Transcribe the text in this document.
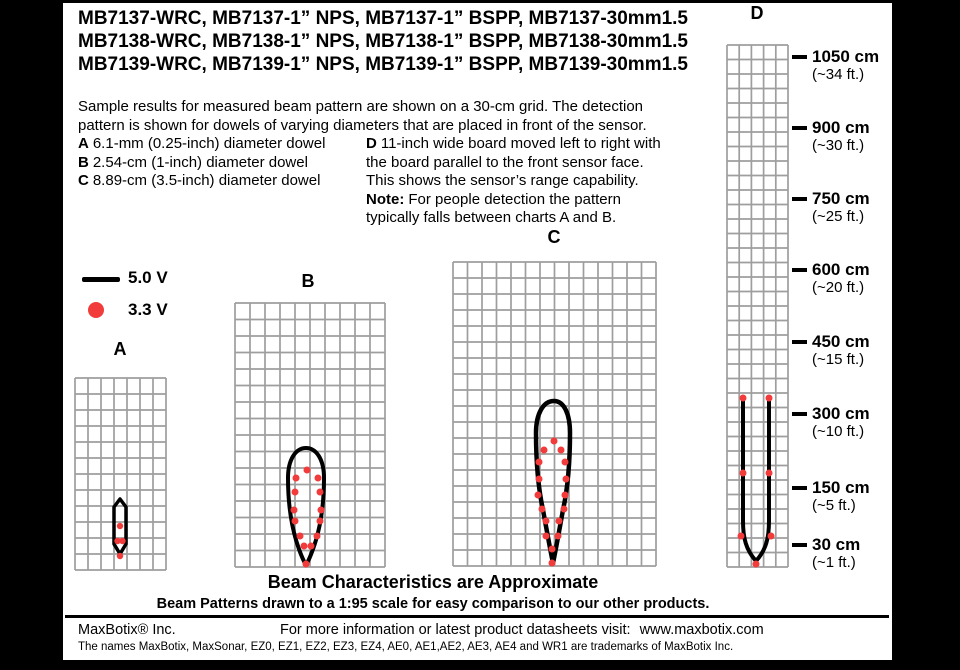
MB7137-WRC, MB7137-1” NPS, MB7137-1” BSPP, MB7137-30mm1.5
MB7138-WRC, MB7138-1” NPS, MB7138-1” BSPP, MB7138-30mm1.5
MB7139-WRC, MB7139-1” NPS, MB7139-1” BSPP, MB7139-30mm1.5
Sample results for measured beam pattern are shown on a 30-cm grid. The detection
pattern is shown for dowels of varying diameters that are placed in front of the sensor.
A 6.1-mm (0.25-inch) diameter dowel
B 2.54-cm (1-inch) diameter dowel
C 8.89-cm (3.5-inch) diameter dowel
D 11-inch wide board moved left to right with
the board parallel to the front sensor face.
This shows the sensor’s range capability.
Note: For people detection the pattern
typically falls between charts A and B.
5.0 V
3.3 V
A
B
C
D
1050 cm
(~34 ft.)
900 cm
(~30 ft.)
750 cm
(~25 ft.)
600 cm
(~20 ft.)
450 cm
(~15 ft.)
300 cm
(~10 ft.)
150 cm
(~5 ft.)
30 cm
(~1 ft.)
Beam Characteristics are Approximate
Beam Patterns drawn to a 1:95 scale for easy comparison to our other products.
MaxBotix® Inc.	For more information or latest product datasheets visit: www.maxbotix.com
The names MaxBotix, MaxSonar, EZ0, EZ1, EZ2, EZ3, EZ4, AE0, AE1,AE2, AE3, AE4 and WR1 are trademarks of MaxBotix Inc.
